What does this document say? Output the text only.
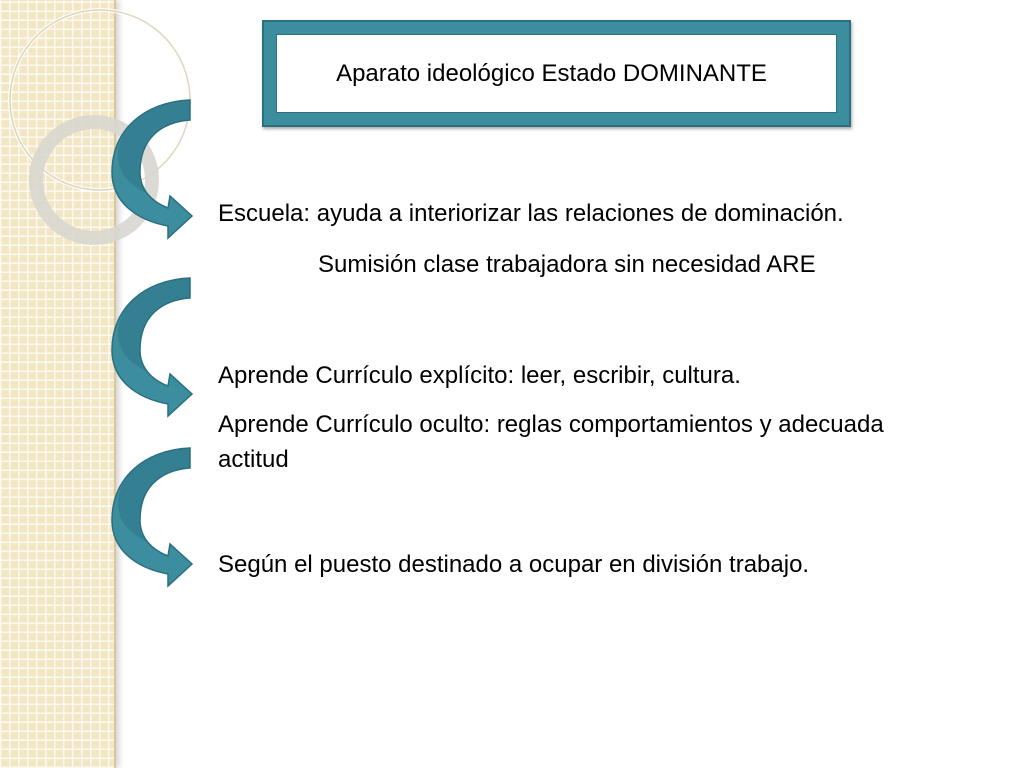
Aparato ideológico Estado DOMINANTE
Escuela: ayuda a interiorizar las relaciones de dominación.
Sumisión clase trabajadora sin necesidad ARE
Aprende Currículo explícito: leer, escribir, cultura.
Aprende Currículo oculto: reglas comportamientos y adecuada
actitud
Según el puesto destinado a ocupar en división trabajo.
